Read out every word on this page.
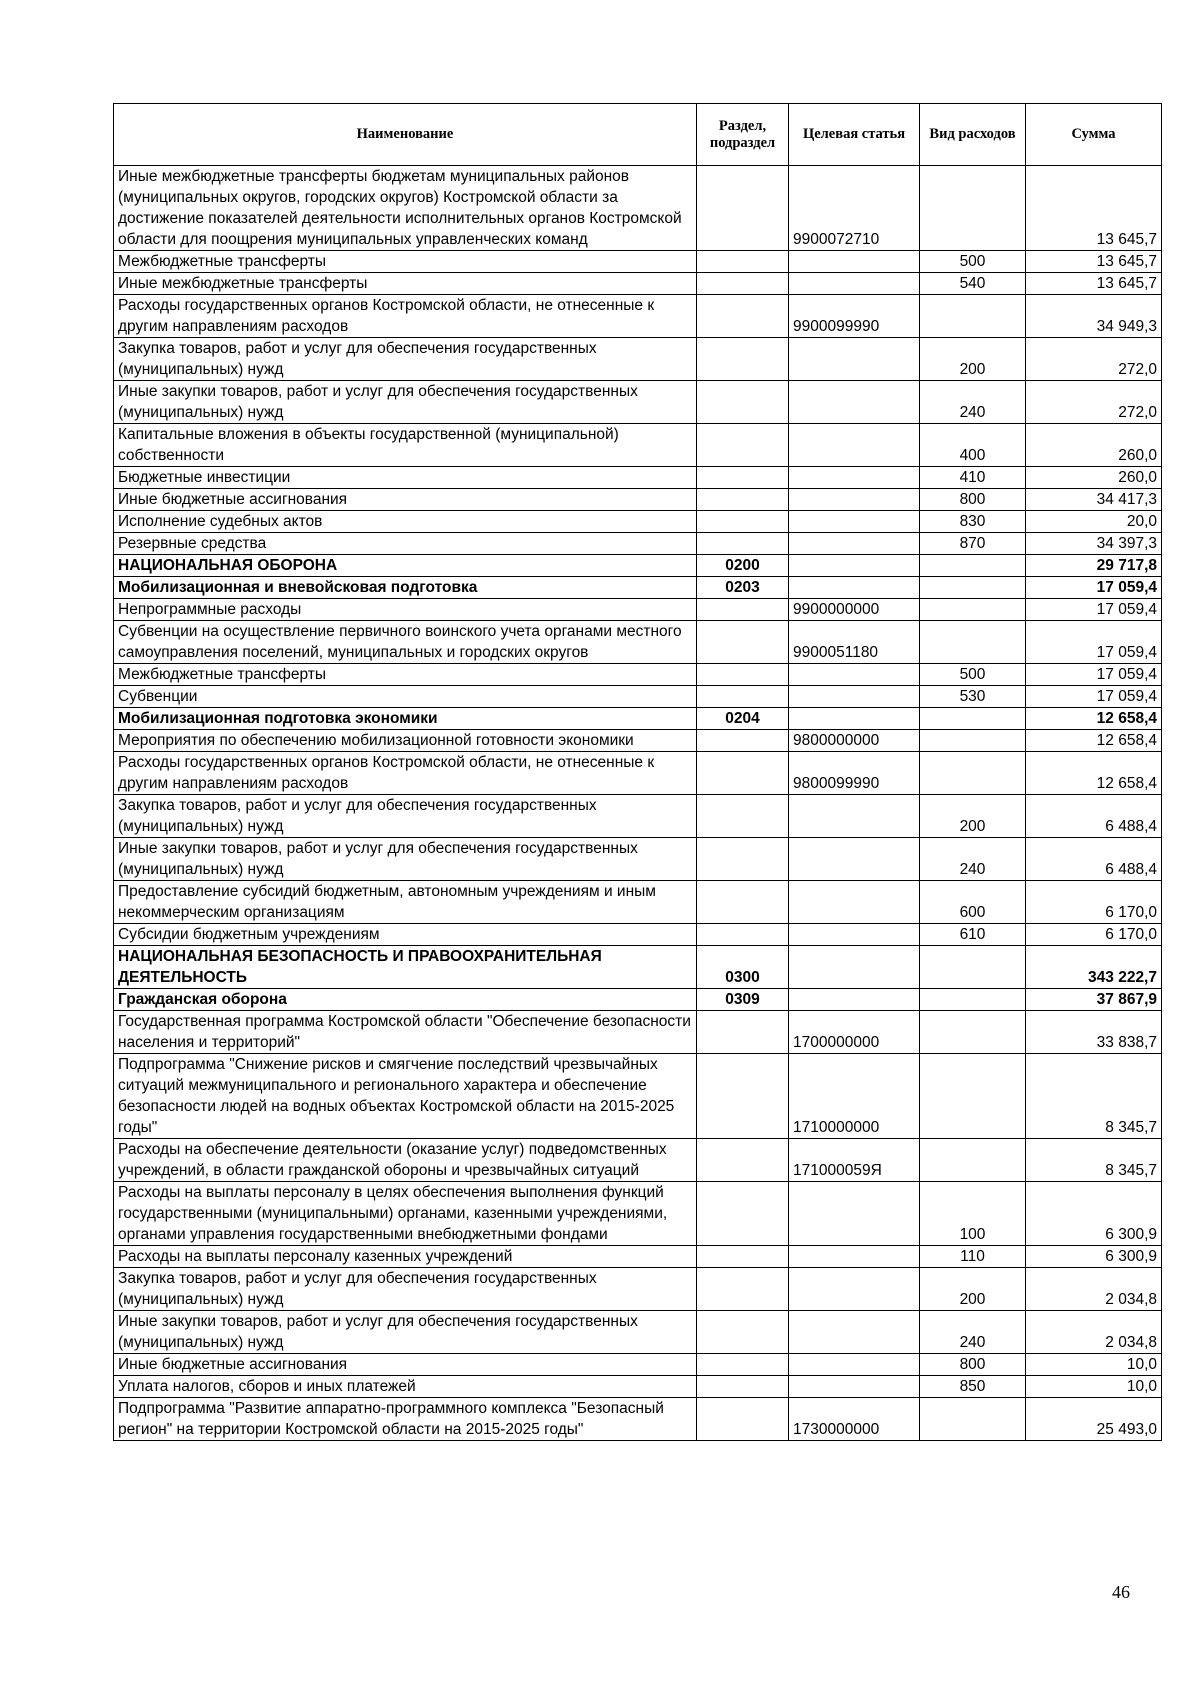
Наименование	Раздел, подраздел	Целевая статья	Вид расходов	Сумма
Иные межбюджетные трансферты бюджетам муниципальных районов (муниципальных округов, городских округов) Костромской области за достижение показателей деятельности исполнительных органов Костромской области для поощрения муниципальных управленческих команд		9900072710		13 645,7
Межбюджетные трансферты			500	13 645,7
Иные межбюджетные трансферты			540	13 645,7
Расходы государственных органов Костромской области, не отнесенные к другим направлениям расходов		9900099990		34 949,3
Закупка товаров, работ и услуг для обеспечения государственных (муниципальных) нужд			200	272,0
Иные закупки товаров, работ и услуг для обеспечения государственных (муниципальных) нужд			240	272,0
Капитальные вложения в объекты государственной (муниципальной) собственности			400	260,0
Бюджетные инвестиции			410	260,0
Иные бюджетные ассигнования			800	34 417,3
Исполнение судебных актов			830	20,0
Резервные средства			870	34 397,3
НАЦИОНАЛЬНАЯ ОБОРОНА	0200			29 717,8
Мобилизационная и вневойсковая подготовка	0203			17 059,4
Непрограммные расходы		9900000000		17 059,4
Субвенции на осуществление первичного воинского учета органами местного самоуправления поселений, муниципальных и городских округов		9900051180		17 059,4
Межбюджетные трансферты			500	17 059,4
Субвенции			530	17 059,4
Мобилизационная подготовка экономики	0204			12 658,4
Мероприятия по обеспечению мобилизационной готовности экономики		9800000000		12 658,4
Расходы государственных органов Костромской области, не отнесенные к другим направлениям расходов		9800099990		12 658,4
Закупка товаров, работ и услуг для обеспечения государственных (муниципальных) нужд			200	6 488,4
Иные закупки товаров, работ и услуг для обеспечения государственных (муниципальных) нужд			240	6 488,4
Предоставление субсидий бюджетным, автономным учреждениям и иным некоммерческим организациям			600	6 170,0
Субсидии бюджетным учреждениям			610	6 170,0
НАЦИОНАЛЬНАЯ БЕЗОПАСНОСТЬ И ПРАВООХРАНИТЕЛЬНАЯ ДЕЯТЕЛЬНОСТЬ	0300			343 222,7
Гражданская оборона	0309			37 867,9
Государственная программа Костромской области "Обеспечение безопасности населения и территорий"		1700000000		33 838,7
Подпрограмма "Снижение рисков и смягчение последствий чрезвычайных ситуаций межмуниципального и регионального характера и обеспечение безопасности людей на водных объектах Костромской области на 2015-2025 годы"		1710000000		8 345,7
Расходы на обеспечение деятельности (оказание услуг) подведомственных учреждений, в области гражданской обороны и чрезвычайных ситуаций		171000059Я		8 345,7
Расходы на выплаты персоналу в целях обеспечения выполнения функций государственными (муниципальными) органами, казенными учреждениями, органами управления государственными внебюджетными фондами			100	6 300,9
Расходы на выплаты персоналу казенных учреждений			110	6 300,9
Закупка товаров, работ и услуг для обеспечения государственных (муниципальных) нужд			200	2 034,8
Иные закупки товаров, работ и услуг для обеспечения государственных (муниципальных) нужд			240	2 034,8
Иные бюджетные ассигнования			800	10,0
Уплата налогов, сборов и иных платежей			850	10,0
Подпрограмма "Развитие аппаратно-программного комплекса "Безопасный регион" на территории Костромской области на 2015-2025 годы"		1730000000		25 493,0
46
